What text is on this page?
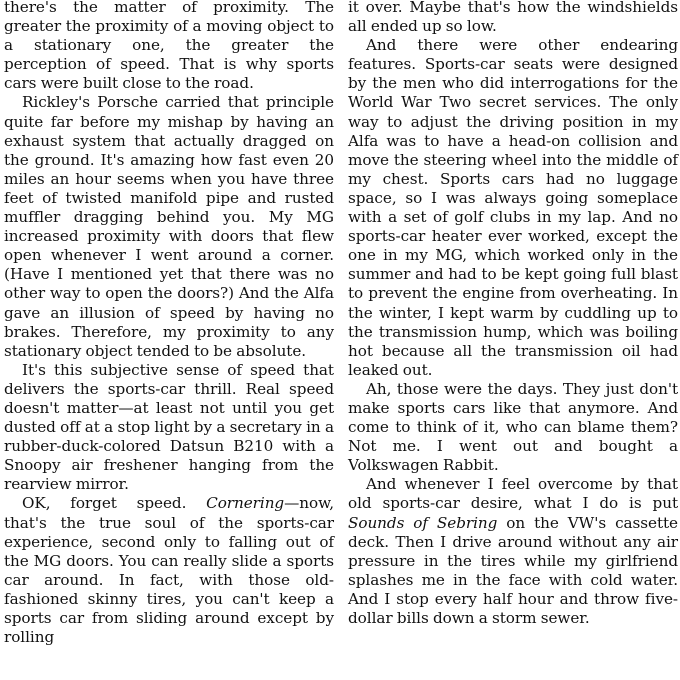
there's the matter of proximity. The greater the proximity of a moving object to a stationary one, the greater the perception of speed. That is why sports cars were built close to the road.

Rickley's Porsche carried that principle quite far before my mishap by having an exhaust system that actually dragged on the ground. It's amazing how fast even 20 miles an hour seems when you have three feet of twisted manifold pipe and rusted muffler dragging behind you. My MG increased proximity with doors that flew open whenever I went around a corner. (Have I mentioned yet that there was no other way to open the doors?) And the Alfa gave an illusion of speed by having no brakes. Therefore, my proximity to any stationary object tended to be absolute.

It's this subjective sense of speed that delivers the sports-car thrill. Real speed doesn't matter—at least not until you get dusted off at a stop light by a secretary in a rubber-duck-colored Datsun B210 with a Snoopy air freshener hanging from the rearview mirror.

OK, forget speed. Cornering—now, that's the true soul of the sports-car experience, second only to falling out of the MG doors. You can really slide a sports car around. In fact, with those old-fashioned skinny tires, you can't keep a sports car from sliding around except by rolling

it over. Maybe that's how the windshields all ended up so low.

And there were other endearing features. Sports-car seats were designed by the men who did interrogations for the World War Two secret services. The only way to adjust the driving position in my Alfa was to have a head-on collision and move the steering wheel into the middle of my chest. Sports cars had no luggage space, so I was always going someplace with a set of golf clubs in my lap. And no sports-car heater ever worked, except the one in my MG, which worked only in the summer and had to be kept going full blast to prevent the engine from overheating. In the winter, I kept warm by cuddling up to the transmission hump, which was boiling hot because all the transmission oil had leaked out.

Ah, those were the days. They just don't make sports cars like that anymore. And come to think of it, who can blame them? Not me. I went out and bought a Volkswagen Rabbit.

And whenever I feel overcome by that old sports-car desire, what I do is put Sounds of Sebring on the VW's cassette deck. Then I drive around without any air pressure in the tires while my girlfriend splashes me in the face with cold water. And I stop every half hour and throw five-dollar bills down a storm sewer.
